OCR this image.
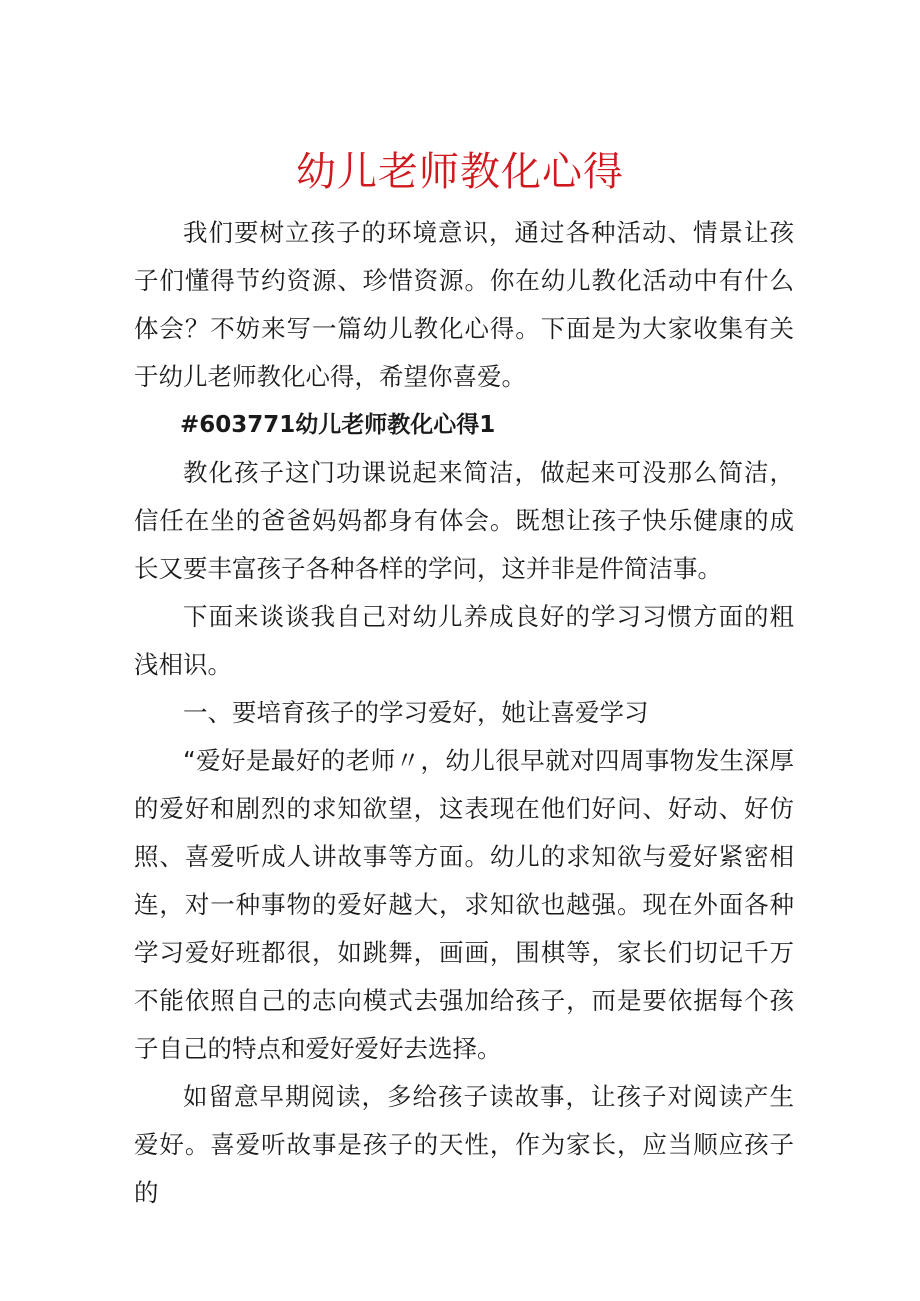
幼儿老师教化心得

我们要树立孩子的环境意识，通过各种活动、情景让孩子们懂得节约资源、珍惜资源。你在幼儿教化活动中有什么体会？不妨来写一篇幼儿教化心得。下面是为大家收集有关于幼儿老师教化心得，希望你喜爱。

#603771幼儿老师教化心得1

教化孩子这门功课说起来简洁，做起来可没那么简洁，信任在坐的爸爸妈妈都身有体会。既想让孩子快乐健康的成长又要丰富孩子各种各样的学问，这并非是件简洁事。

下面来谈谈我自己对幼儿养成良好的学习习惯方面的粗浅相识。

一、要培育孩子的学习爱好，她让喜爱学习

“爱好是最好的老师〃，幼儿很早就对四周事物发生深厚的爱好和剧烈的求知欲望，这表现在他们好问、好动、好仿照、喜爱听成人讲故事等方面。幼儿的求知欲与爱好紧密相连，对一种事物的爱好越大，求知欲也越强。现在外面各种学习爱好班都很，如跳舞，画画，围棋等，家长们切记千万不能依照自己的志向模式去强加给孩子，而是要依据每个孩子自己的特点和爱好爱好去选择。

如留意早期阅读，多给孩子读故事，让孩子对阅读产生爱好。喜爱听故事是孩子的天性，作为家长，应当顺应孩子的
